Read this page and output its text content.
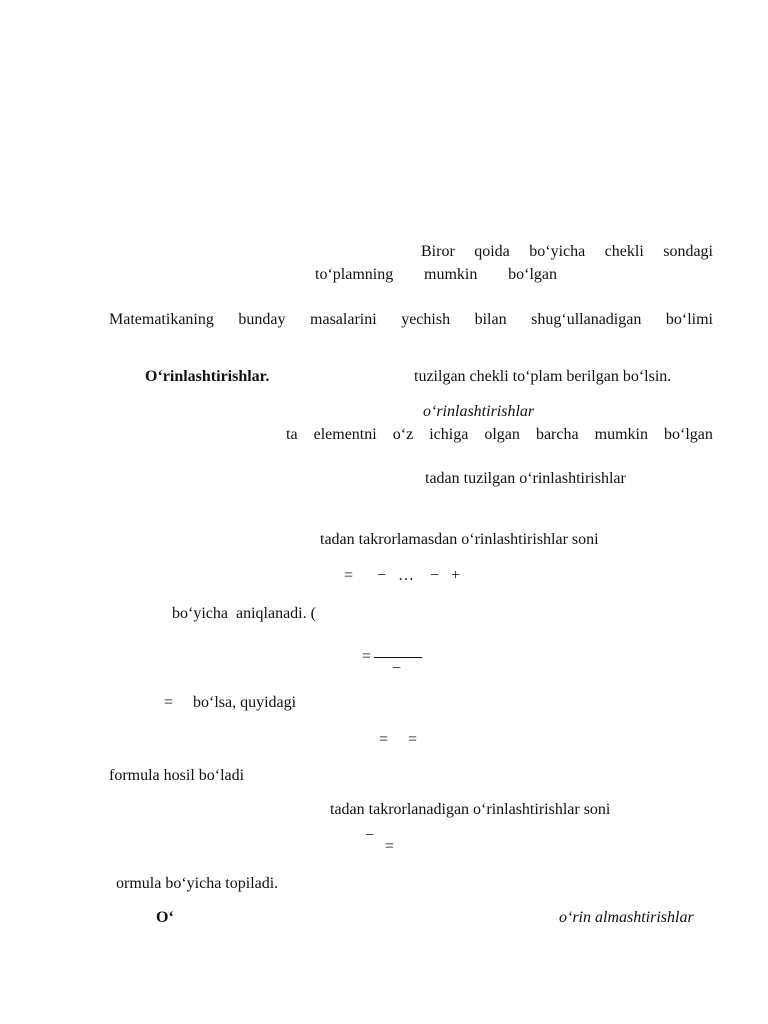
Biror qoida bo‘yicha chekli sondagi
to‘plamning mumkin bo‘lgan
Matematikaning bunday masalarini yechish bilan shug‘ullanadigan bo‘limi
O‘rinlashtirishlar.	tuzilgan chekli to‘plam berilgan bo‘lsin.
o‘rinlashtirishlar
ta elementni o‘z ichiga olgan barcha mumkin bo‘lgan
tadan tuzilgan o‘rinlashtirishlar
tadan takrorlamasdan o‘rinlashtirishlar soni
=      −   …    −   +
bo‘yicha  aniqlanadi. (
=
−
= bo‘lsa, quyidagi
=     =
formula hosil bo‘ladi
tadan takrorlanadigan o‘rinlashtirishlar soni
−
=
ormula bo‘yicha topiladi.
O‘	o‘rin almashtirishlar
